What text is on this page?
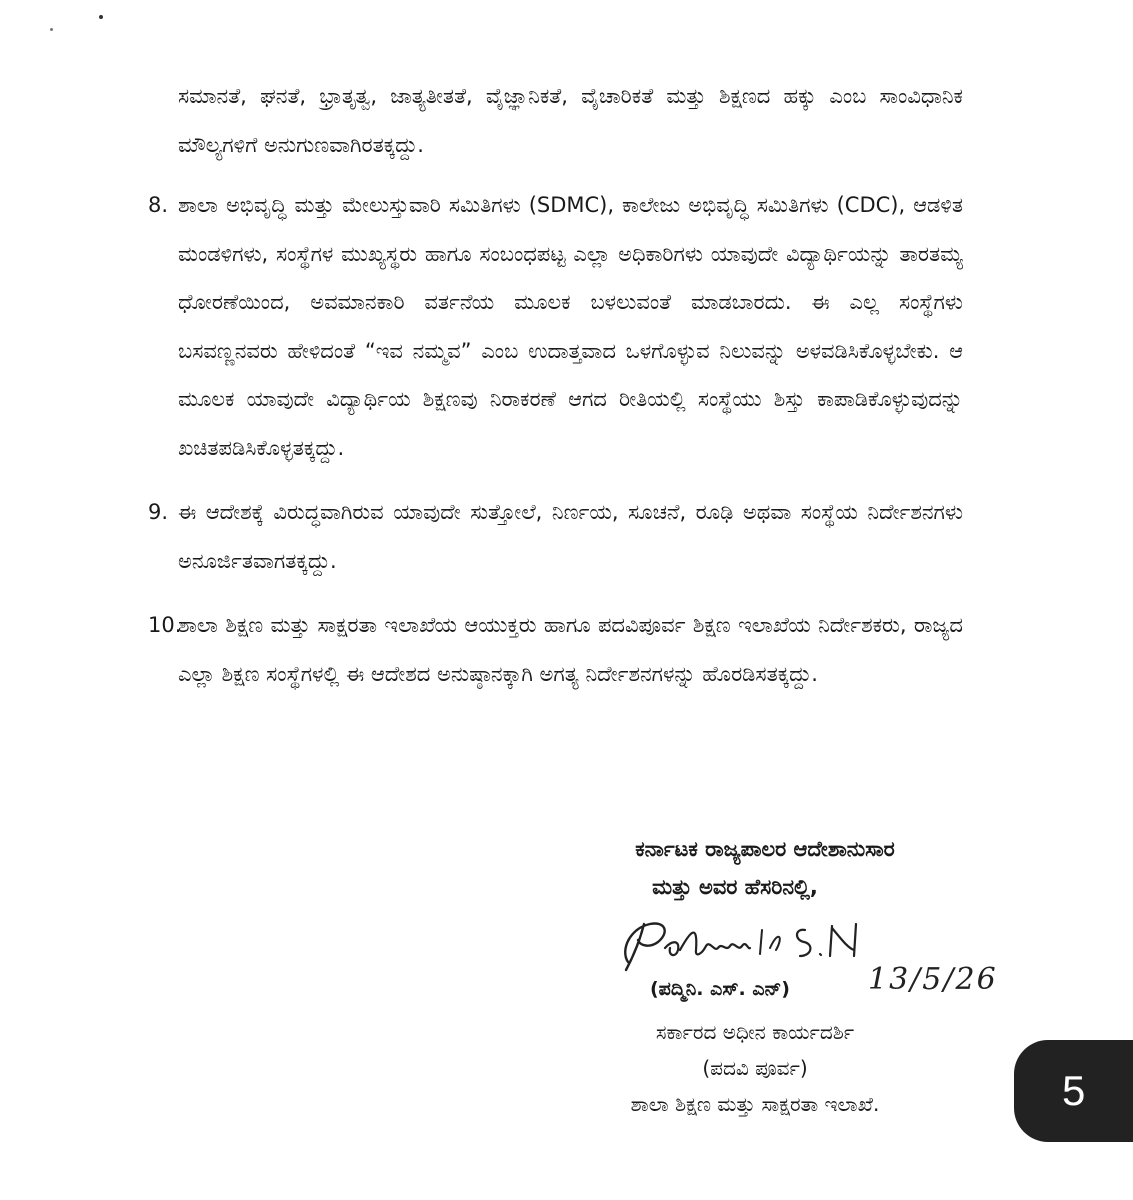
ಸಮಾನತೆ, ಘನತೆ, ಭ್ರಾತೃತ್ವ, ಜಾತ್ಯತೀತತೆ, ವೈಜ್ಞಾನಿಕತೆ, ವೈಚಾರಿಕತೆ ಮತ್ತು ಶಿಕ್ಷಣದ ಹಕ್ಕು ಎಂಬ ಸಾಂವಿಧಾನಿಕ ಮೌಲ್ಯಗಳಿಗೆ ಅನುಗುಣವಾಗಿರತಕ್ಕದ್ದು.

8. ಶಾಲಾ ಅಭಿವೃದ್ಧಿ ಮತ್ತು ಮೇಲುಸ್ತುವಾರಿ ಸಮಿತಿಗಳು (SDMC), ಕಾಲೇಜು ಅಭಿವೃದ್ಧಿ ಸಮಿತಿಗಳು (CDC), ಆಡಳಿತ ಮಂಡಳಿಗಳು, ಸಂಸ್ಥೆಗಳ ಮುಖ್ಯಸ್ಥರು ಹಾಗೂ ಸಂಬಂಧಪಟ್ಟ ಎಲ್ಲಾ ಅಧಿಕಾರಿಗಳು ಯಾವುದೇ ವಿದ್ಯಾರ್ಥಿಯನ್ನು ತಾರತಮ್ಯ ಧೋರಣೆಯಿಂದ, ಅವಮಾನಕಾರಿ ವರ್ತನೆಯ ಮೂಲಕ ಬಳಲುವಂತೆ ಮಾಡಬಾರದು. ಈ ಎಲ್ಲ ಸಂಸ್ಥೆಗಳು ಬಸವಣ್ಣನವರು ಹೇಳಿದಂತೆ “ಇವ ನಮ್ಮವ” ಎಂಬ ಉದಾತ್ತವಾದ ಒಳಗೊಳ್ಳುವ ನಿಲುವನ್ನು ಅಳವಡಿಸಿಕೊಳ್ಳಬೇಕು. ಆ ಮೂಲಕ ಯಾವುದೇ ವಿದ್ಯಾರ್ಥಿಯ ಶಿಕ್ಷಣವು ನಿರಾಕರಣೆ ಆಗದ ರೀತಿಯಲ್ಲಿ ಸಂಸ್ಥೆಯು ಶಿಸ್ತು ಕಾಪಾಡಿಕೊಳ್ಳುವುದನ್ನು ಖಚಿತಪಡಿಸಿಕೊಳ್ಳತಕ್ಕದ್ದು.

9. ಈ ಆದೇಶಕ್ಕೆ ವಿರುದ್ಧವಾಗಿರುವ ಯಾವುದೇ ಸುತ್ತೋಲೆ, ನಿರ್ಣಯ, ಸೂಚನೆ, ರೂಢಿ ಅಥವಾ ಸಂಸ್ಥೆಯ ನಿರ್ದೇಶನಗಳು ಅನೂರ್ಜಿತವಾಗತಕ್ಕದ್ದು.

10.
ಶಾಲಾ ಶಿಕ್ಷಣ ಮತ್ತು ಸಾಕ್ಷರತಾ ಇಲಾಖೆಯ ಆಯುಕ್ತರು ಹಾಗೂ ಪದವಿಪೂರ್ವ ಶಿಕ್ಷಣ ಇಲಾಖೆಯ ನಿರ್ದೇಶಕರು, ರಾಜ್ಯದ ಎಲ್ಲಾ ಶಿಕ್ಷಣ ಸಂಸ್ಥೆಗಳಲ್ಲಿ ಈ ಆದೇಶದ ಅನುಷ್ಠಾನಕ್ಕಾಗಿ ಅಗತ್ಯ ನಿರ್ದೇಶನಗಳನ್ನು ಹೊರಡಿಸತಕ್ಕದ್ದು.

ಕರ್ನಾಟಕ ರಾಜ್ಯಪಾಲರ ಆದೇಶಾನುಸಾರ
ಮತ್ತು ಅವರ ಹೆಸರಿನಲ್ಲಿ,
(ಪದ್ಮಿನಿ. ಎಸ್. ಎನ್)	13/5/26
ಸರ್ಕಾರದ ಅಧೀನ ಕಾರ್ಯದರ್ಶಿ
(ಪದವಿ ಪೂರ್ವ)
ಶಾಲಾ ಶಿಕ್ಷಣ ಮತ್ತು ಸಾಕ್ಷರತಾ ಇಲಾಖೆ.	5
